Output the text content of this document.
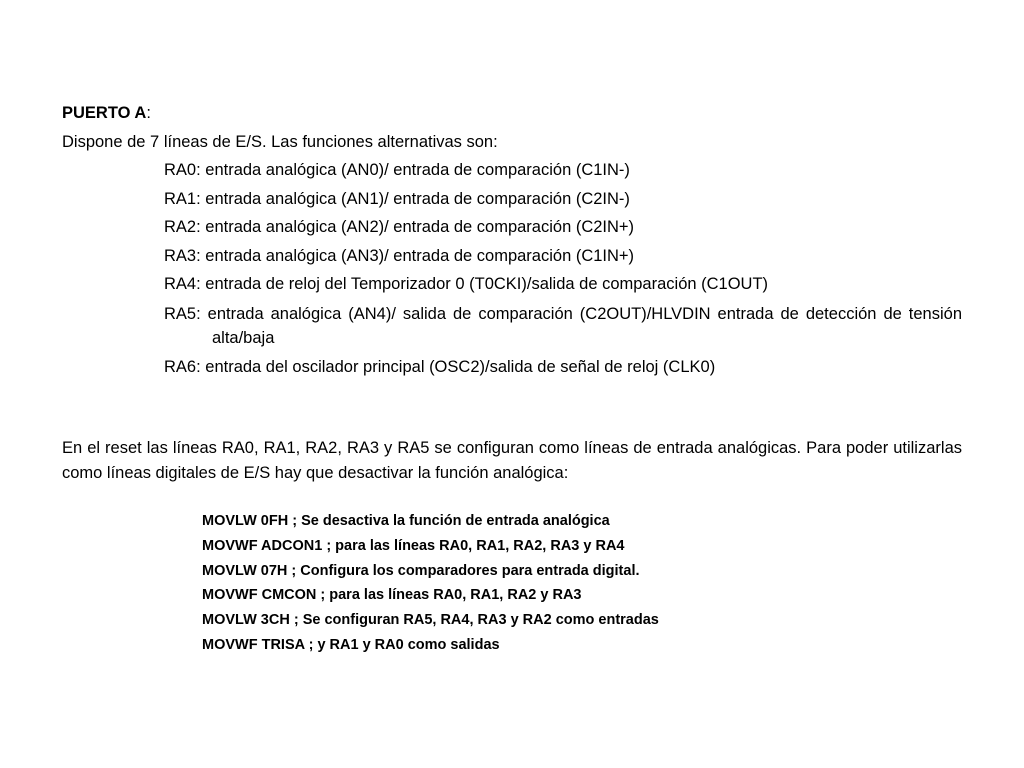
PUERTO A:

Dispone de 7 líneas de E/S. Las funciones alternativas son:

RA0: entrada analógica (AN0)/ entrada de comparación (C1IN-)
RA1: entrada analógica (AN1)/ entrada de comparación (C2IN-)
RA2: entrada analógica (AN2)/ entrada de comparación (C2IN+)
RA3: entrada analógica (AN3)/ entrada de comparación (C1IN+)
RA4: entrada de reloj del Temporizador 0 (T0CKI)/salida de comparación (C1OUT)
RA5: entrada analógica (AN4)/ salida de comparación (C2OUT)/HLVDIN entrada de detección de tensión alta/baja
RA6: entrada del oscilador principal (OSC2)/salida de señal de reloj (CLK0)

En el reset las líneas RA0, RA1, RA2, RA3 y RA5 se configuran como líneas de entrada analógicas. Para poder utilizarlas como líneas digitales de E/S hay que desactivar la función analógica:

MOVLW 0FH ; Se desactiva la función de entrada analógica
MOVWF ADCON1 ; para las líneas RA0, RA1, RA2, RA3 y RA4
MOVLW 07H ; Configura los comparadores para entrada digital.
MOVWF CMCON ; para las líneas RA0, RA1, RA2 y RA3
MOVLW 3CH ; Se configuran RA5, RA4, RA3 y RA2 como entradas
MOVWF TRISA ; y RA1 y RA0 como salidas
